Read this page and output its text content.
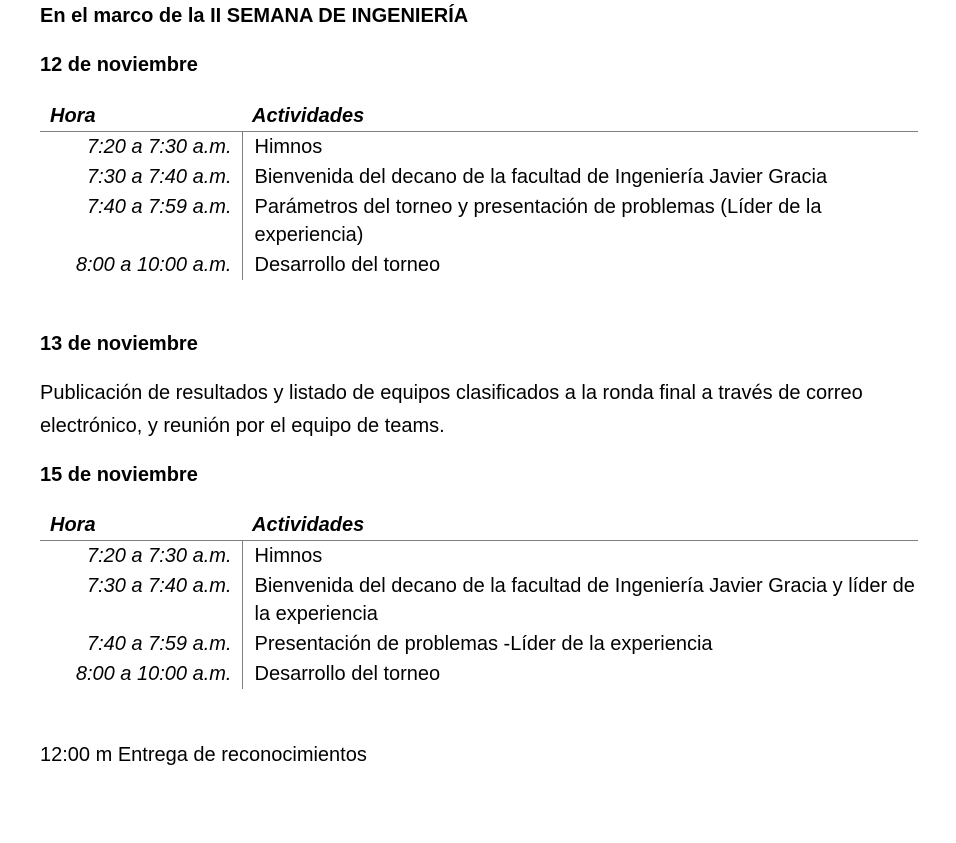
En el marco de la II SEMANA DE INGENIERÍA
12 de noviembre
Hora	Actividades
7:20 a 7:30 a.m.	Himnos
7:30 a 7:40 a.m.	Bienvenida del decano de la facultad de Ingeniería Javier Gracia
7:40 a 7:59 a.m.	Parámetros del torneo y presentación de problemas (Líder de la experiencia)
8:00 a 10:00 a.m.	Desarrollo del torneo
13 de noviembre
Publicación de resultados y listado de equipos clasificados a la ronda final a través de correo electrónico, y reunión por el equipo de teams.
15 de noviembre
Hora	Actividades
7:20 a 7:30 a.m.	Himnos
7:30 a 7:40 a.m.	Bienvenida del decano de la facultad de Ingeniería Javier Gracia y líder de la experiencia
7:40 a 7:59 a.m.	Presentación de problemas -Líder de la experiencia
8:00 a 10:00 a.m.	Desarrollo del torneo
12:00 m Entrega de reconocimientos
